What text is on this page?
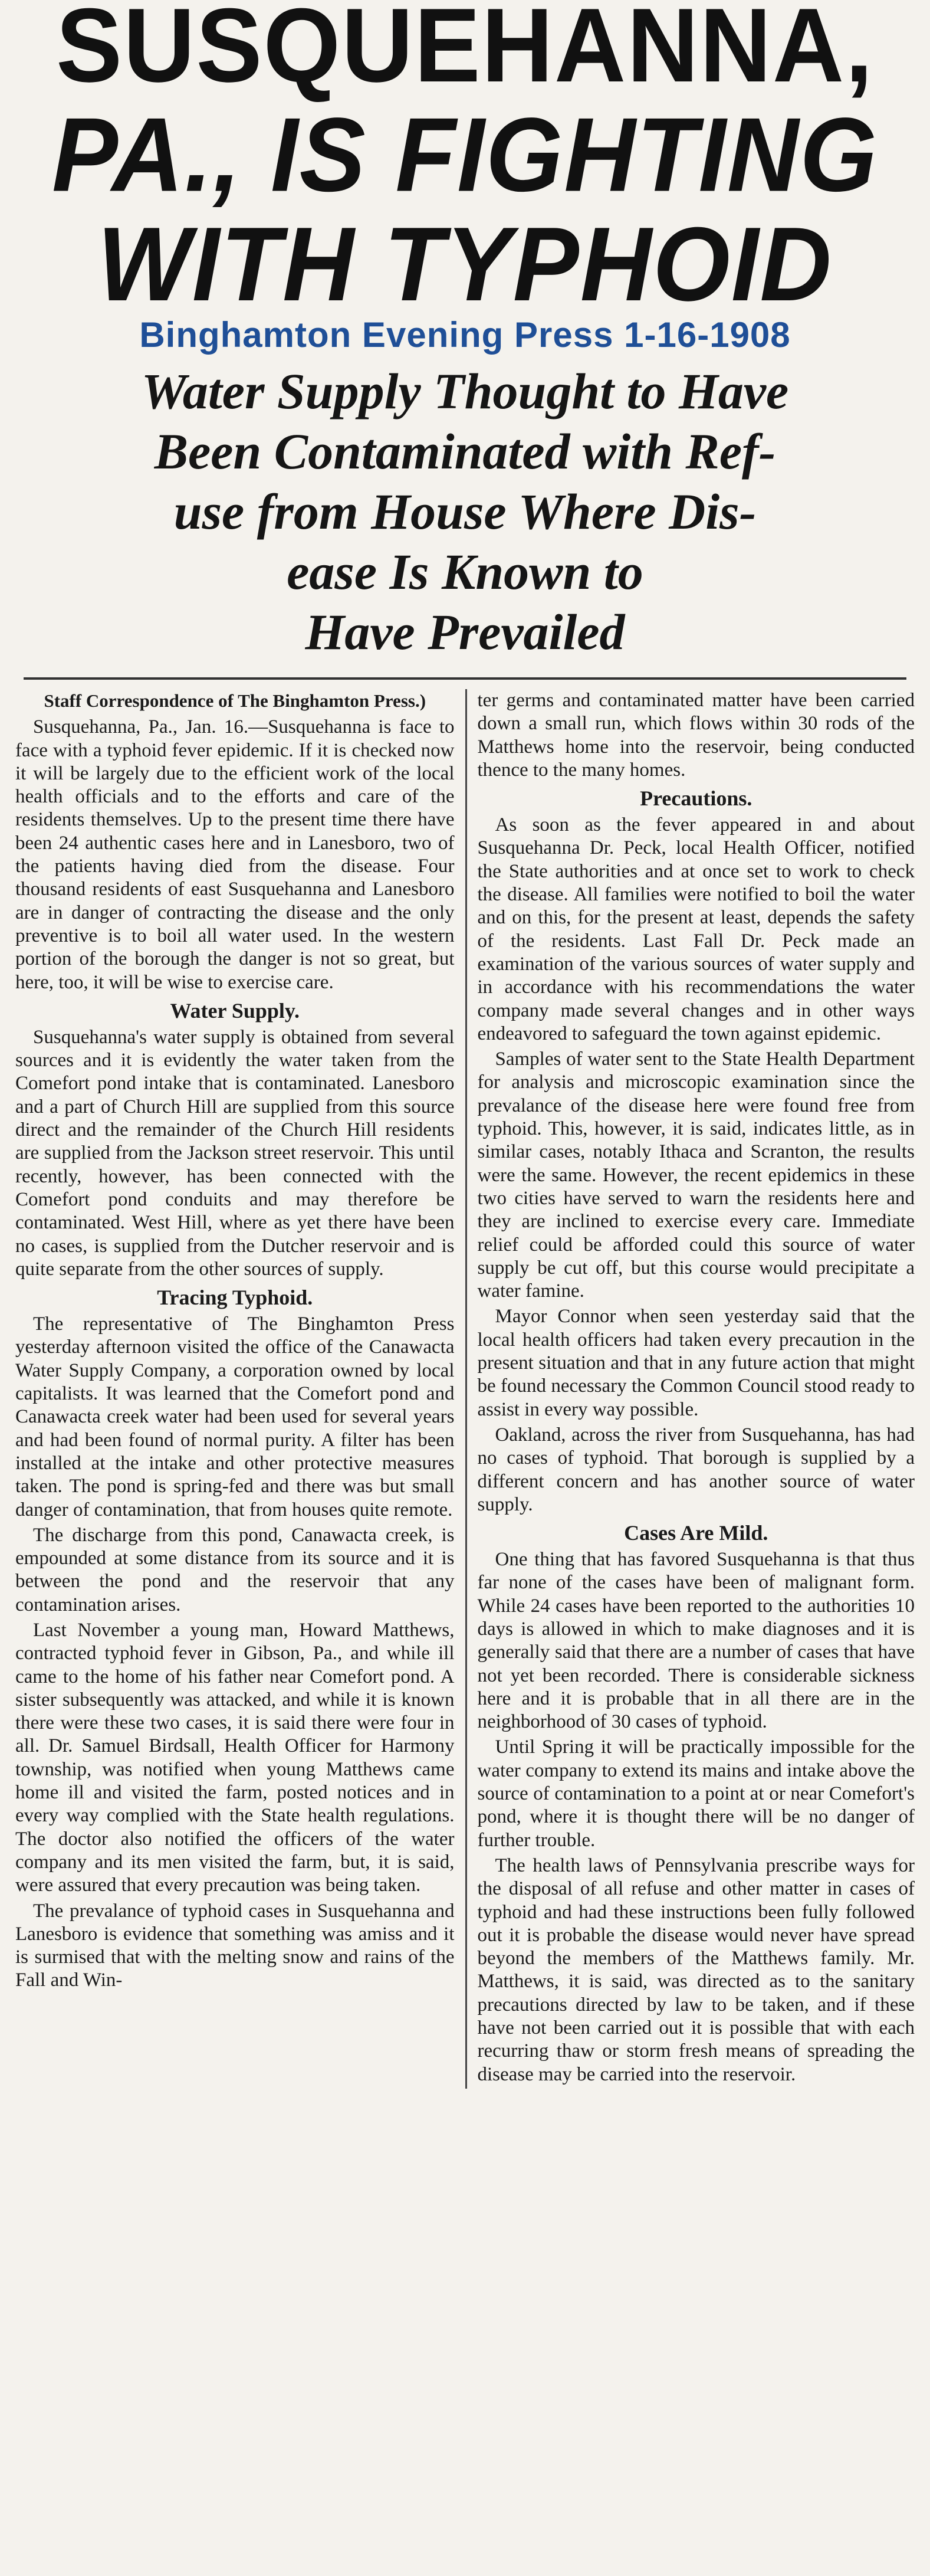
SUSQUEHANNA,
PA., IS FIGHTING
WITH TYPHOID
Binghamton Evening Press 1-16-1908
Water Supply Thought to Have
Been Contaminated with Ref-
use from House Where Dis-
ease Is Known to
Have Prevailed

Staff Correspondence of The Binghamton Press.)

Susquehanna, Pa., Jan. 16.—Susquehanna is face to face with a typhoid fever epidemic. If it is checked now it will be largely due to the efficient work of the local health officials and to the efforts and care of the residents themselves. Up to the present time there have been 24 authentic cases here and in Lanesboro, two of the patients having died from the disease. Four thousand residents of east Susquehanna and Lanesboro are in danger of contracting the disease and the only preventive is to boil all water used. In the western portion of the borough the danger is not so great, but here, too, it will be wise to exercise care.

Water Supply.

Susquehanna's water supply is obtained from several sources and it is evidently the water taken from the Comefort pond intake that is contaminated. Lanesboro and a part of Church Hill are supplied from this source direct and the remainder of the Church Hill residents are supplied from the Jackson street reservoir. This until recently, however, has been connected with the Comefort pond conduits and may therefore be contaminated. West Hill, where as yet there have been no cases, is supplied from the Dutcher reservoir and is quite separate from the other sources of supply.

Tracing Typhoid.

The representative of The Binghamton Press yesterday afternoon visited the office of the Canawacta Water Supply Company, a corporation owned by local capitalists. It was learned that the Comefort pond and Canawacta creek water had been used for several years and had been found of normal purity. A filter has been installed at the intake and other protective measures taken. The pond is spring-fed and there was but small danger of contamination, that from houses quite remote.

The discharge from this pond, Canawacta creek, is empounded at some distance from its source and it is between the pond and the reservoir that any contamination arises.

Last November a young man, Howard Matthews, contracted typhoid fever in Gibson, Pa., and while ill came to the home of his father near Comefort pond. A sister subsequently was attacked, and while it is known there were these two cases, it is said there were four in all. Dr. Samuel Birdsall, Health Officer for Harmony township, was notified when young Matthews came home ill and visited the farm, posted notices and in every way complied with the State health regulations. The doctor also notified the officers of the water company and its men visited the farm, but, it is said, were assured that every precaution was being taken.

The prevalance of typhoid cases in Susquehanna and Lanesboro is evidence that something was amiss and it is surmised that with the melting snow and rains of the Fall and Win-

ter germs and contaminated matter have been carried down a small run, which flows within 30 rods of the Matthews home into the reservoir, being conducted thence to the many homes.

Precautions.

As soon as the fever appeared in and about Susquehanna Dr. Peck, local Health Officer, notified the State authorities and at once set to work to check the disease. All families were notified to boil the water and on this, for the present at least, depends the safety of the residents. Last Fall Dr. Peck made an examination of the various sources of water supply and in accordance with his recommendations the water company made several changes and in other ways endeavored to safeguard the town against epidemic.

Samples of water sent to the State Health Department for analysis and microscopic examination since the prevalance of the disease here were found free from typhoid. This, however, it is said, indicates little, as in similar cases, notably Ithaca and Scranton, the results were the same. However, the recent epidemics in these two cities have served to warn the residents here and they are inclined to exercise every care. Immediate relief could be afforded could this source of water supply be cut off, but this course would precipitate a water famine.

Mayor Connor when seen yesterday said that the local health officers had taken every precaution in the present situation and that in any future action that might be found necessary the Common Council stood ready to assist in every way possible.

Oakland, across the river from Susquehanna, has had no cases of typhoid. That borough is supplied by a different concern and has another source of water supply.

Cases Are Mild.

One thing that has favored Susquehanna is that thus far none of the cases have been of malignant form. While 24 cases have been reported to the authorities 10 days is allowed in which to make diagnoses and it is generally said that there are a number of cases that have not yet been recorded. There is considerable sickness here and it is probable that in all there are in the neighborhood of 30 cases of typhoid.

Until Spring it will be practically impossible for the water company to extend its mains and intake above the source of contamination to a point at or near Comefort's pond, where it is thought there will be no danger of further trouble.

The health laws of Pennsylvania prescribe ways for the disposal of all refuse and other matter in cases of typhoid and had these instructions been fully followed out it is probable the disease would never have spread beyond the members of the Matthews family. Mr. Matthews, it is said, was directed as to the sanitary precautions directed by law to be taken, and if these have not been carried out it is possible that with each recurring thaw or storm fresh means of spreading the disease may be carried into the reservoir.
